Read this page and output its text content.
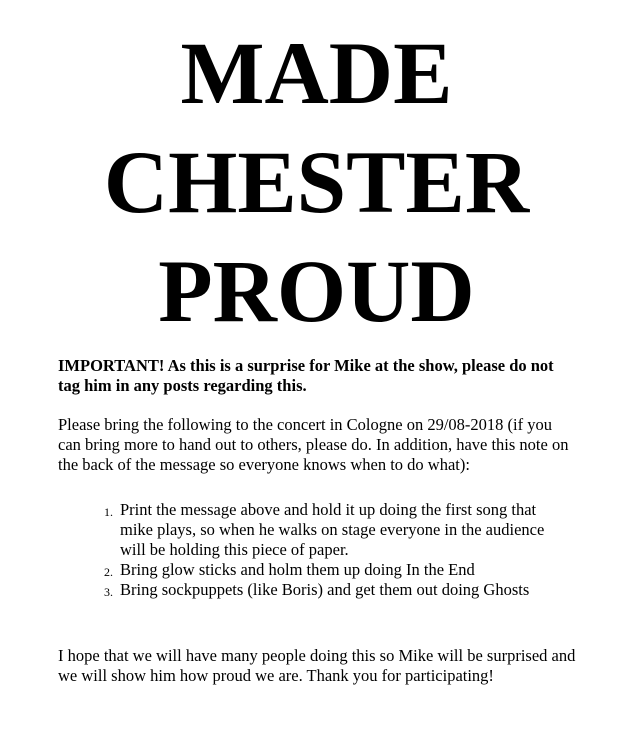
MADE
CHESTER
PROUD

IMPORTANT! As this is a surprise for Mike at the show, please do not tag him in any posts regarding this.

Please bring the following to the concert in Cologne on 29/08-2018 (if you can bring more to hand out to others, please do. In addition, have this note on the back of the message so everyone knows when to do what):

1. Print the message above and hold it up doing the first song that mike plays, so when he walks on stage everyone in the audience will be holding this piece of paper.
2. Bring glow sticks and holm them up doing In the End
3. Bring sockpuppets (like Boris) and get them out doing Ghosts

I hope that we will have many people doing this so Mike will be surprised and we will show him how proud we are. Thank you for participating!
